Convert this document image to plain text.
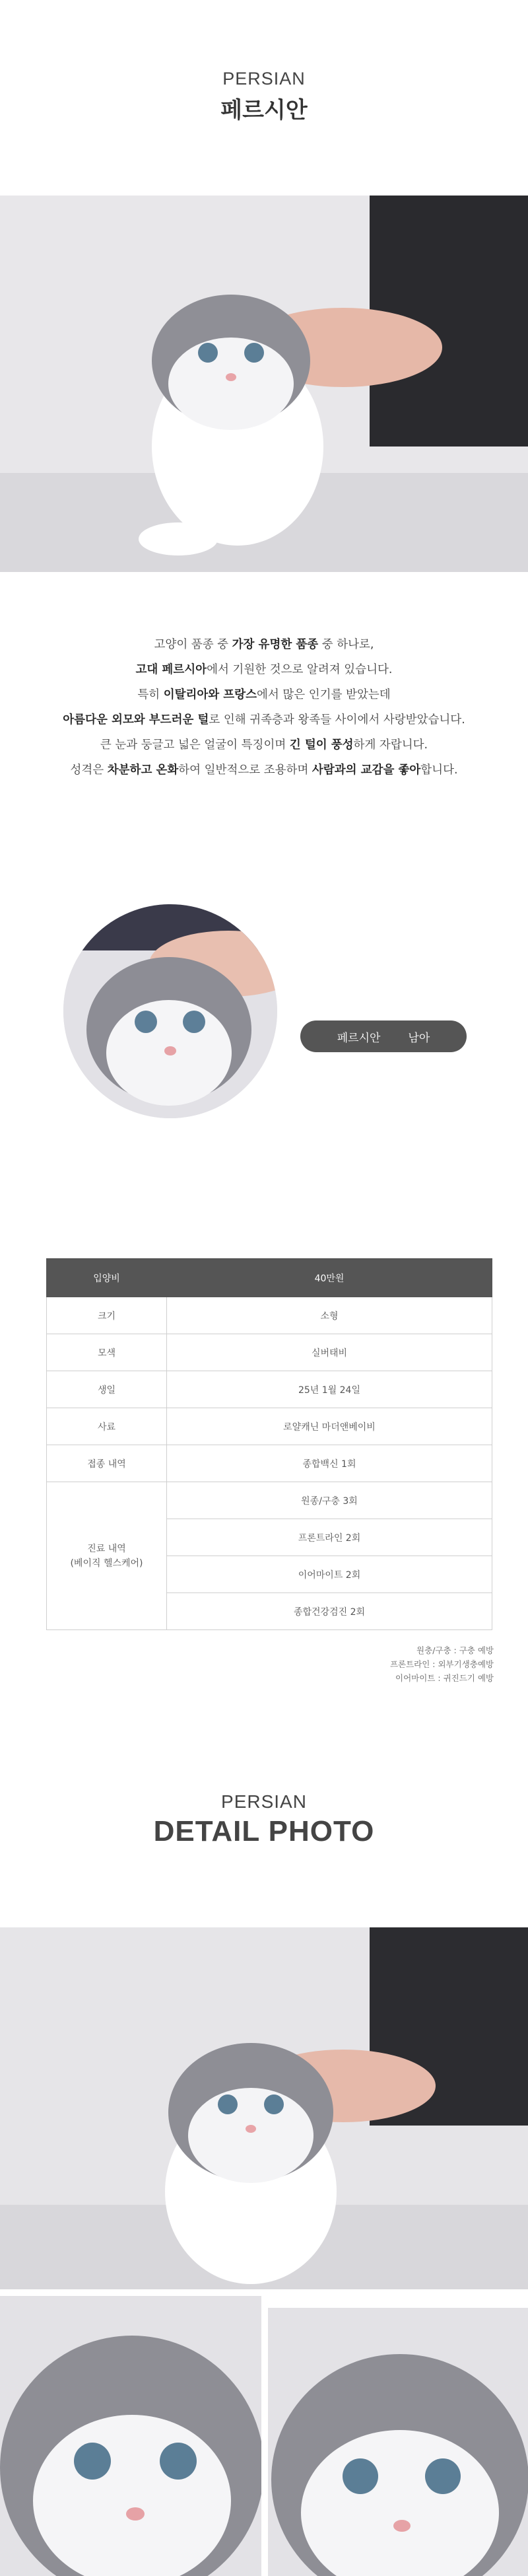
PERSIAN
페르시안
고양이 품종 중 가장 유명한 품종 중 하나로,
고대 페르시아에서 기원한 것으로 알려져 있습니다.
특히 이탈리아와 프랑스에서 많은 인기를 받았는데
아름다운 외모와 부드러운 털로 인해 귀족층과 왕족들 사이에서 사랑받았습니다.
큰 눈과 둥글고 넓은 얼굴이 특징이며 긴 털이 풍성하게 자랍니다.
성격은 차분하고 온화하여 일반적으로 조용하며 사람과의 교감을 좋아합니다.
페르시안 남아
입양비	40만원
크기	소형
모색	실버태비
생일	25년 1월 24일
사료	로얄캐닌 마더앤베이비
접종 내역	종합백신 1회

진료 내역
(베이직 헬스케어)	원종/구충 3회
	프론트라인 2회
	이어마이트 2회
	종합건강검진 2회
원충/구충 : 구충 예방
프론트라인 : 외부기생충예방
이어마이트 : 귀진드기 예방
PERSIAN
DETAIL PHOTO
